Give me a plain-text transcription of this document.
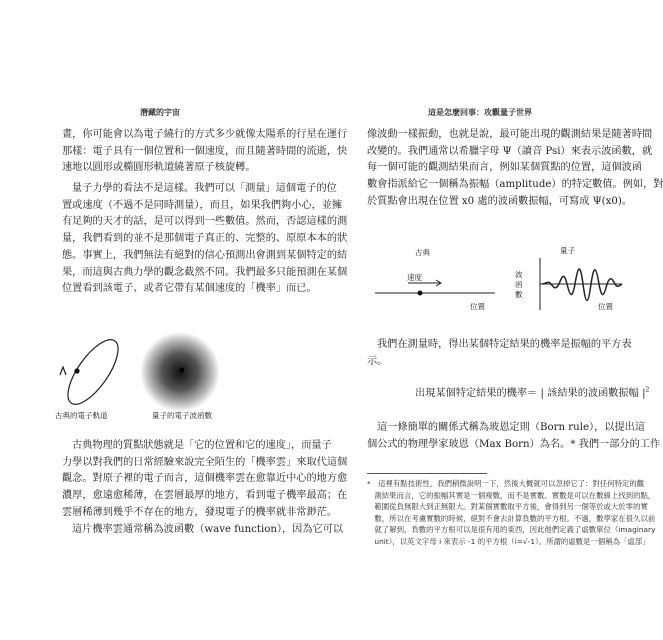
潛藏的宇宙

畫，你可能會以為電子繞行的方式多少就像太陽系的行星在運行
那樣：電子具有一個位置和一個速度，而且隨著時間的流逝，快
速地以圓形或橢圓形軌道繞著原子核旋轉。

量子力學的看法不是這樣。我們可以「測量」這個電子的位
置或速度（不過不是同時測量），而且，如果我們夠小心，並擁
有足夠的天才的話，是可以得到一些數值。然而，否認這樣的測
量，我們看到的並不是那個電子真正的、完整的、原原本本的狀
態。事實上，我們無法有絕對的信心預測出會測到某個特定的結
果，而這與古典力學的觀念截然不同。我們最多只能預測在某個
位置看到該電子、或者它帶有某個速度的「機率」而已。

古典的電子軌道	量子的電子波函數

古典物理的質點狀態就是「它的位置和它的速度」，而量子
力學以對我們的日常經驗來說完全陌生的「機率雲」來取代這個
觀念。對原子裡的電子而言，這個機率雲在愈靠近中心的地方愈
濃厚，愈遠愈稀薄，在雲層最厚的地方，看到電子機率最高；在
雲層稀薄到幾乎不存在的地方，發現電子的機率就非常渺茫。

這片機率雲通常稱為波函數（wave function），因為它可以

這是怎麼回事：攻觀量子世界

像波動一樣振動，也就是說，最可能出現的觀測結果是隨著時間
改變的。我們通常以希臘字母 Ψ（讀音 Psi）來表示波函數，就
每一個可能的觀測結果而言，例如某個質點的位置，這個波函
數會指派給它一個稱為振幅（amplitude）的特定數值。例如，對
於質點會出現在位置 x0 處的波函數振幅，可寫成 Ψ(x0)。

古典	量子
速度
位置
波函數
位置

我們在測量時，得出某個特定結果的機率是振幅的平方表
示。

出現某個特定結果的機率＝ | 該結果的波函數振幅 $|^2$

這一條簡單的關係式稱為玻恩定則（Born rule），以提出這
個公式的物理學家玻恩（Max Born）為名。* 我們一部分的工作

*　這裡有點技術性，我們稍微說明一下，然後大概就可以忽掉它了：對任何特定的觀
　測結果而言，它的振幅其實是一個複數，而不是實數。實數是可以在數線上找到的點，
　範圍從負無限大到正無限大。對某個實數取平方後，會得到另一個等於或大於零的實
　數，所以在考慮實數的時候，絕對不會去計算負數的平方根。不過，數學家在很久以前
　就了解到，負數的平方根可以是很有用的東西，因此他們定義了虛數單位（imaginary
　unit），以英文字母 i 來表示 -1 的平方根（i=√-1）。所謂的虛數是一個稱為「虛部」
